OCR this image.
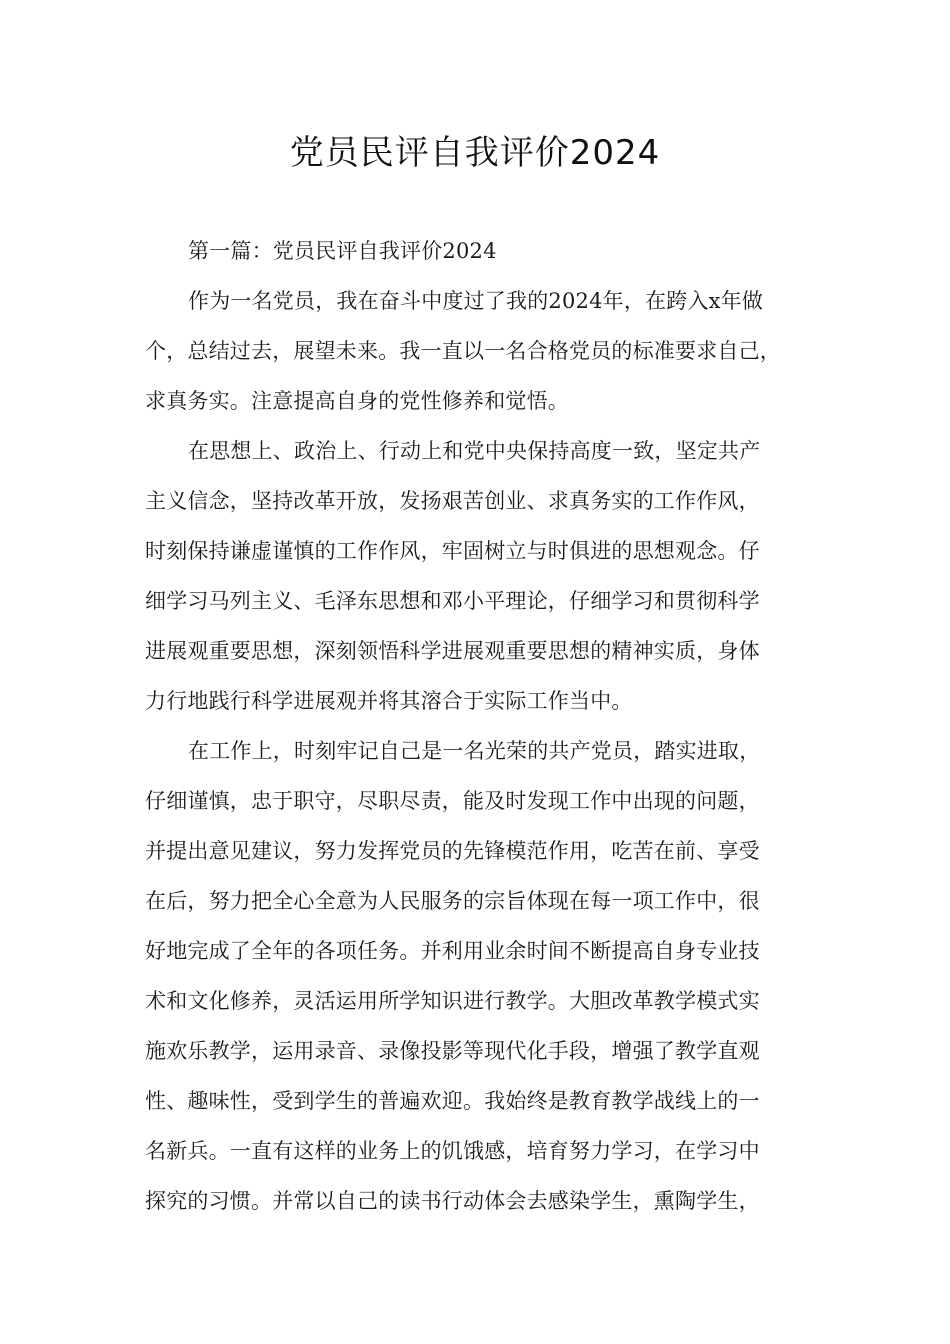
党员民评自我评价2024
第一篇：党员民评自我评价2024
作为一名党员，我在奋斗中度过了我的2024年，在跨入x年做
个，总结过去，展望未来。我一直以一名合格党员的标准要求自己，
求真务实。注意提高自身的党性修养和觉悟。
在思想上、政治上、行动上和党中央保持高度一致，坚定共产
主义信念，坚持改革开放，发扬艰苦创业、求真务实的工作作风，
时刻保持谦虚谨慎的工作作风，牢固树立与时俱进的思想观念。仔
细学习马列主义、毛泽东思想和邓小平理论，仔细学习和贯彻科学
进展观重要思想，深刻领悟科学进展观重要思想的精神实质，身体
力行地践行科学进展观并将其溶合于实际工作当中。
在工作上，时刻牢记自己是一名光荣的共产党员，踏实进取，
仔细谨慎，忠于职守，尽职尽责，能及时发现工作中出现的问题，
并提出意见建议，努力发挥党员的先锋模范作用，吃苦在前、享受
在后，努力把全心全意为人民服务的宗旨体现在每一项工作中，很
好地完成了全年的各项任务。并利用业余时间不断提高自身专业技
术和文化修养，灵活运用所学知识进行教学。大胆改革教学模式实
施欢乐教学，运用录音、录像投影等现代化手段，增强了教学直观
性、趣味性，受到学生的普遍欢迎。我始终是教育教学战线上的一
名新兵。一直有这样的业务上的饥饿感，培育努力学习，在学习中
探究的习惯。并常以自己的读书行动体会去感染学生，熏陶学生，
